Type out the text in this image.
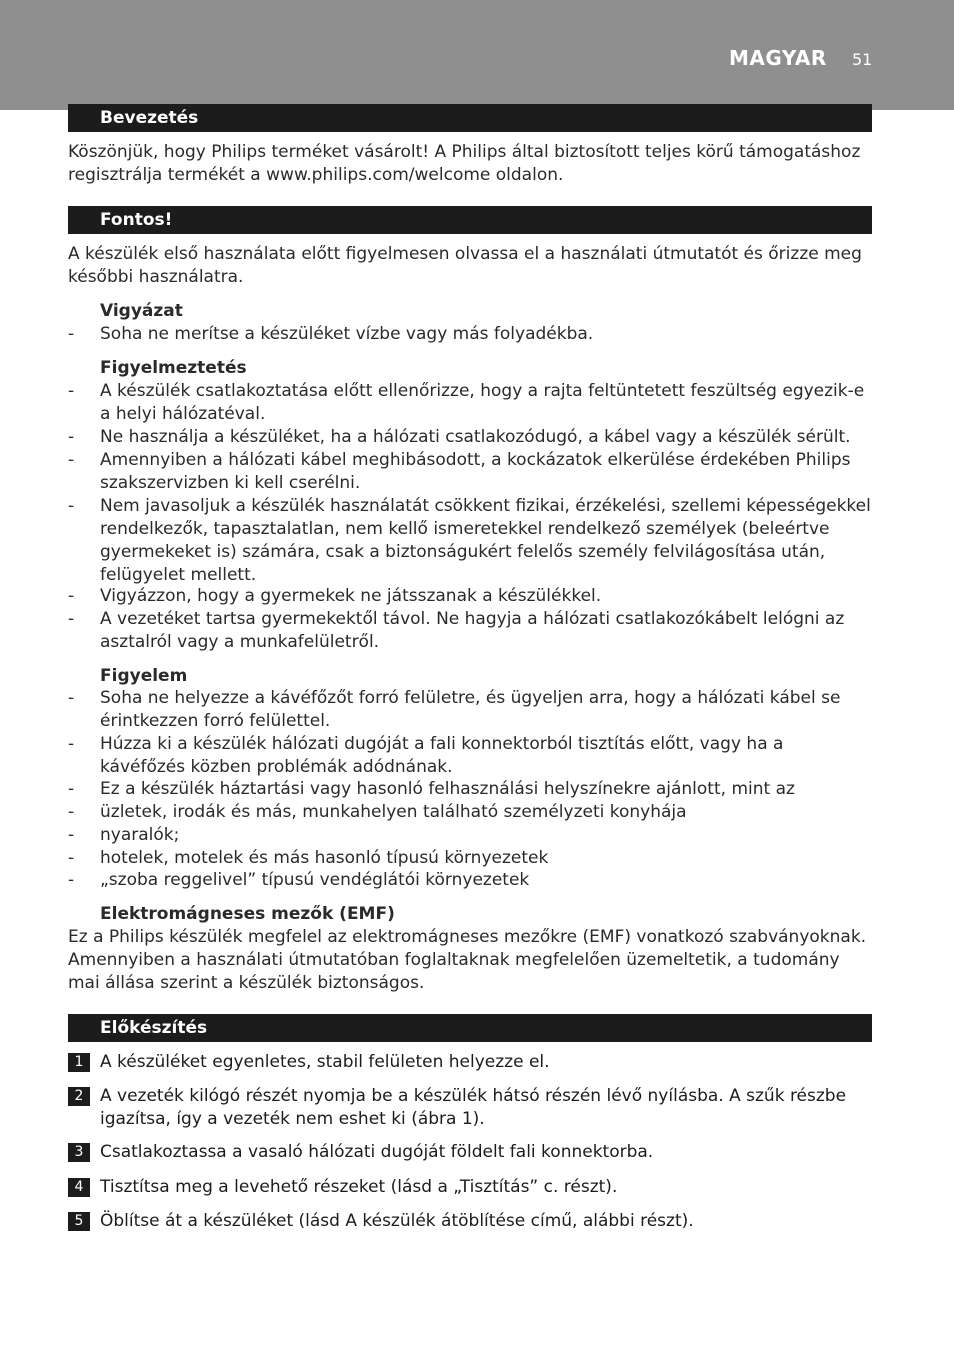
MAGYAR 51
Bevezetés

Köszönjük, hogy Philips terméket vásárolt! A Philips által biztosított teljes körű támogatáshoz regisztrálja termékét a www.philips.com/welcome oldalon.

Fontos!

A készülék első használata előtt figyelmesen olvassa el a használati útmutatót és őrizze meg későbbi használatra.

Vigyázat
- Soha ne merítse a készüléket vízbe vagy más folyadékba.
Figyelmeztetés
- A készülék csatlakoztatása előtt ellenőrizze, hogy a rajta feltüntetett feszültség egyezik-e a helyi hálózatéval.
- Ne használja a készüléket, ha a hálózati csatlakozódugó, a kábel vagy a készülék sérült.
- Amennyiben a hálózati kábel meghibásodott, a kockázatok elkerülése érdekében Philips szakszervizben ki kell cserélni.
- Nem javasoljuk a készülék használatát csökkent fizikai, érzékelési, szellemi képességekkel rendelkezők, tapasztalatlan, nem kellő ismeretekkel rendelkező személyek (beleértve gyermekeket is) számára, csak a biztonságukért felelős személy felvilágosítása után, felügyelet mellett.
- Vigyázzon, hogy a gyermekek ne játsszanak a készülékkel.
- A vezetéket tartsa gyermekektől távol. Ne hagyja a hálózati csatlakozókábelt lelógni az asztalról vagy a munkafelületről.
Figyelem
- Soha ne helyezze a kávéfőzőt forró felületre, és ügyeljen arra, hogy a hálózati kábel se érintkezzen forró felülettel.
- Húzza ki a készülék hálózati dugóját a fali konnektorból tisztítás előtt, vagy ha a kávéfőzés közben problémák adódnának.
- Ez a készülék háztartási vagy hasonló felhasználási helyszínekre ajánlott, mint az
- üzletek, irodák és más, munkahelyen található személyzeti konyhája
- nyaralók;
- hotelek, motelek és más hasonló típusú környezetek
- „szoba reggelivel” típusú vendéglátói környezetek
Elektromágneses mezők (EMF)

Ez a Philips készülék megfelel az elektromágneses mezőkre (EMF) vonatkozó szabványoknak. Amennyiben a használati útmutatóban foglaltaknak megfelelően üzemeltetik, a tudomány mai állása szerint a készülék biztonságos.

Előkészítés
1 A készüléket egyenletes, stabil felületen helyezze el.
2 A vezeték kilógó részét nyomja be a készülék hátsó részén lévő nyílásba. A szűk részbe igazítsa, így a vezeték nem eshet ki (ábra 1).
3 Csatlakoztassa a vasaló hálózati dugóját földelt fali konnektorba.
4 Tisztítsa meg a levehető részeket (lásd a „Tisztítás” c. részt).
5 Öblítse át a készüléket (lásd A készülék átöblítése című, alábbi részt).
